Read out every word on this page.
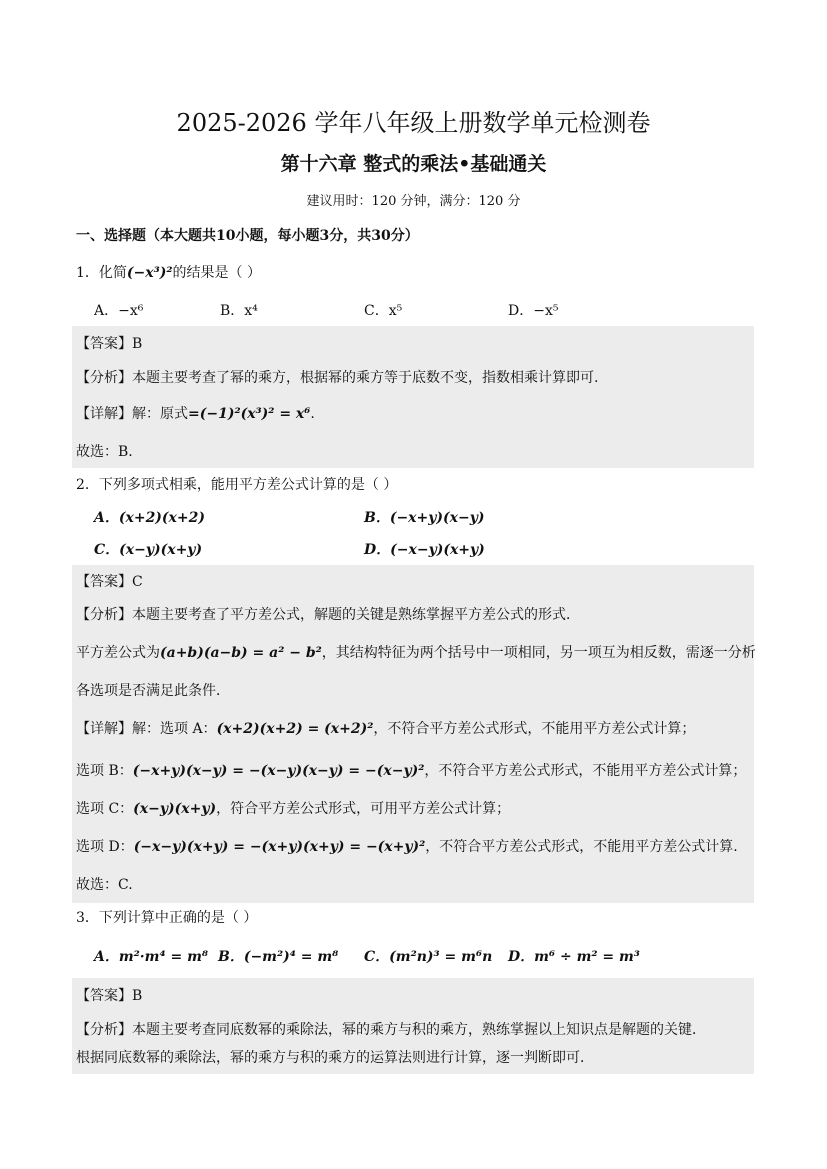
2025-2026 学年八年级上册数学单元检测卷
第十六章 整式的乘法•基础通关
建议用时：120 分钟，满分：120 分
一、选择题（本大题共10小题，每小题3分，共30分）
1．化简(−x³)²的结果是（ ）
A．−x⁶	B．x⁴	C．x⁵	D．−x⁵
【答案】B
【分析】本题主要考查了幂的乘方，根据幂的乘方等于底数不变，指数相乘计算即可.
【详解】解：原式=(−1)²(x³)² = x⁶.
故选：B.
2．下列多项式相乘，能用平方差公式计算的是（ ）
A．(x+2)(x+2)	B．(−x+y)(x−y)
C．(x−y)(x+y)	D．(−x−y)(x+y)
【答案】C
【分析】本题主要考查了平方差公式，解题的关键是熟练掌握平方差公式的形式．
平方差公式为(a+b)(a−b) = a² − b²，其结构特征为两个括号中一项相同，另一项互为相反数，需逐一分析
各选项是否满足此条件．
【详解】解：选项 A：(x+2)(x+2) = (x+2)²，不符合平方差公式形式，不能用平方差公式计算；
选项 B：(−x+y)(x−y) = −(x−y)(x−y) = −(x−y)²，不符合平方差公式形式，不能用平方差公式计算；
选项 C：(x−y)(x+y)，符合平方差公式形式，可用平方差公式计算；
选项 D：(−x−y)(x+y) = −(x+y)(x+y) = −(x+y)²，不符合平方差公式形式，不能用平方差公式计算.
故选：C.
3．下列计算中正确的是（ ）
A．m²·m⁴ = m⁸ B．(−m²)⁴ = m⁸ C．(m²n)³ = m⁶n D．m⁶ ÷ m² = m³
【答案】B
【分析】本题主要考查同底数幂的乘除法，幂的乘方与积的乘方，熟练掌握以上知识点是解题的关键．
根据同底数幂的乘除法，幂的乘方与积的乘方的运算法则进行计算，逐一判断即可．
